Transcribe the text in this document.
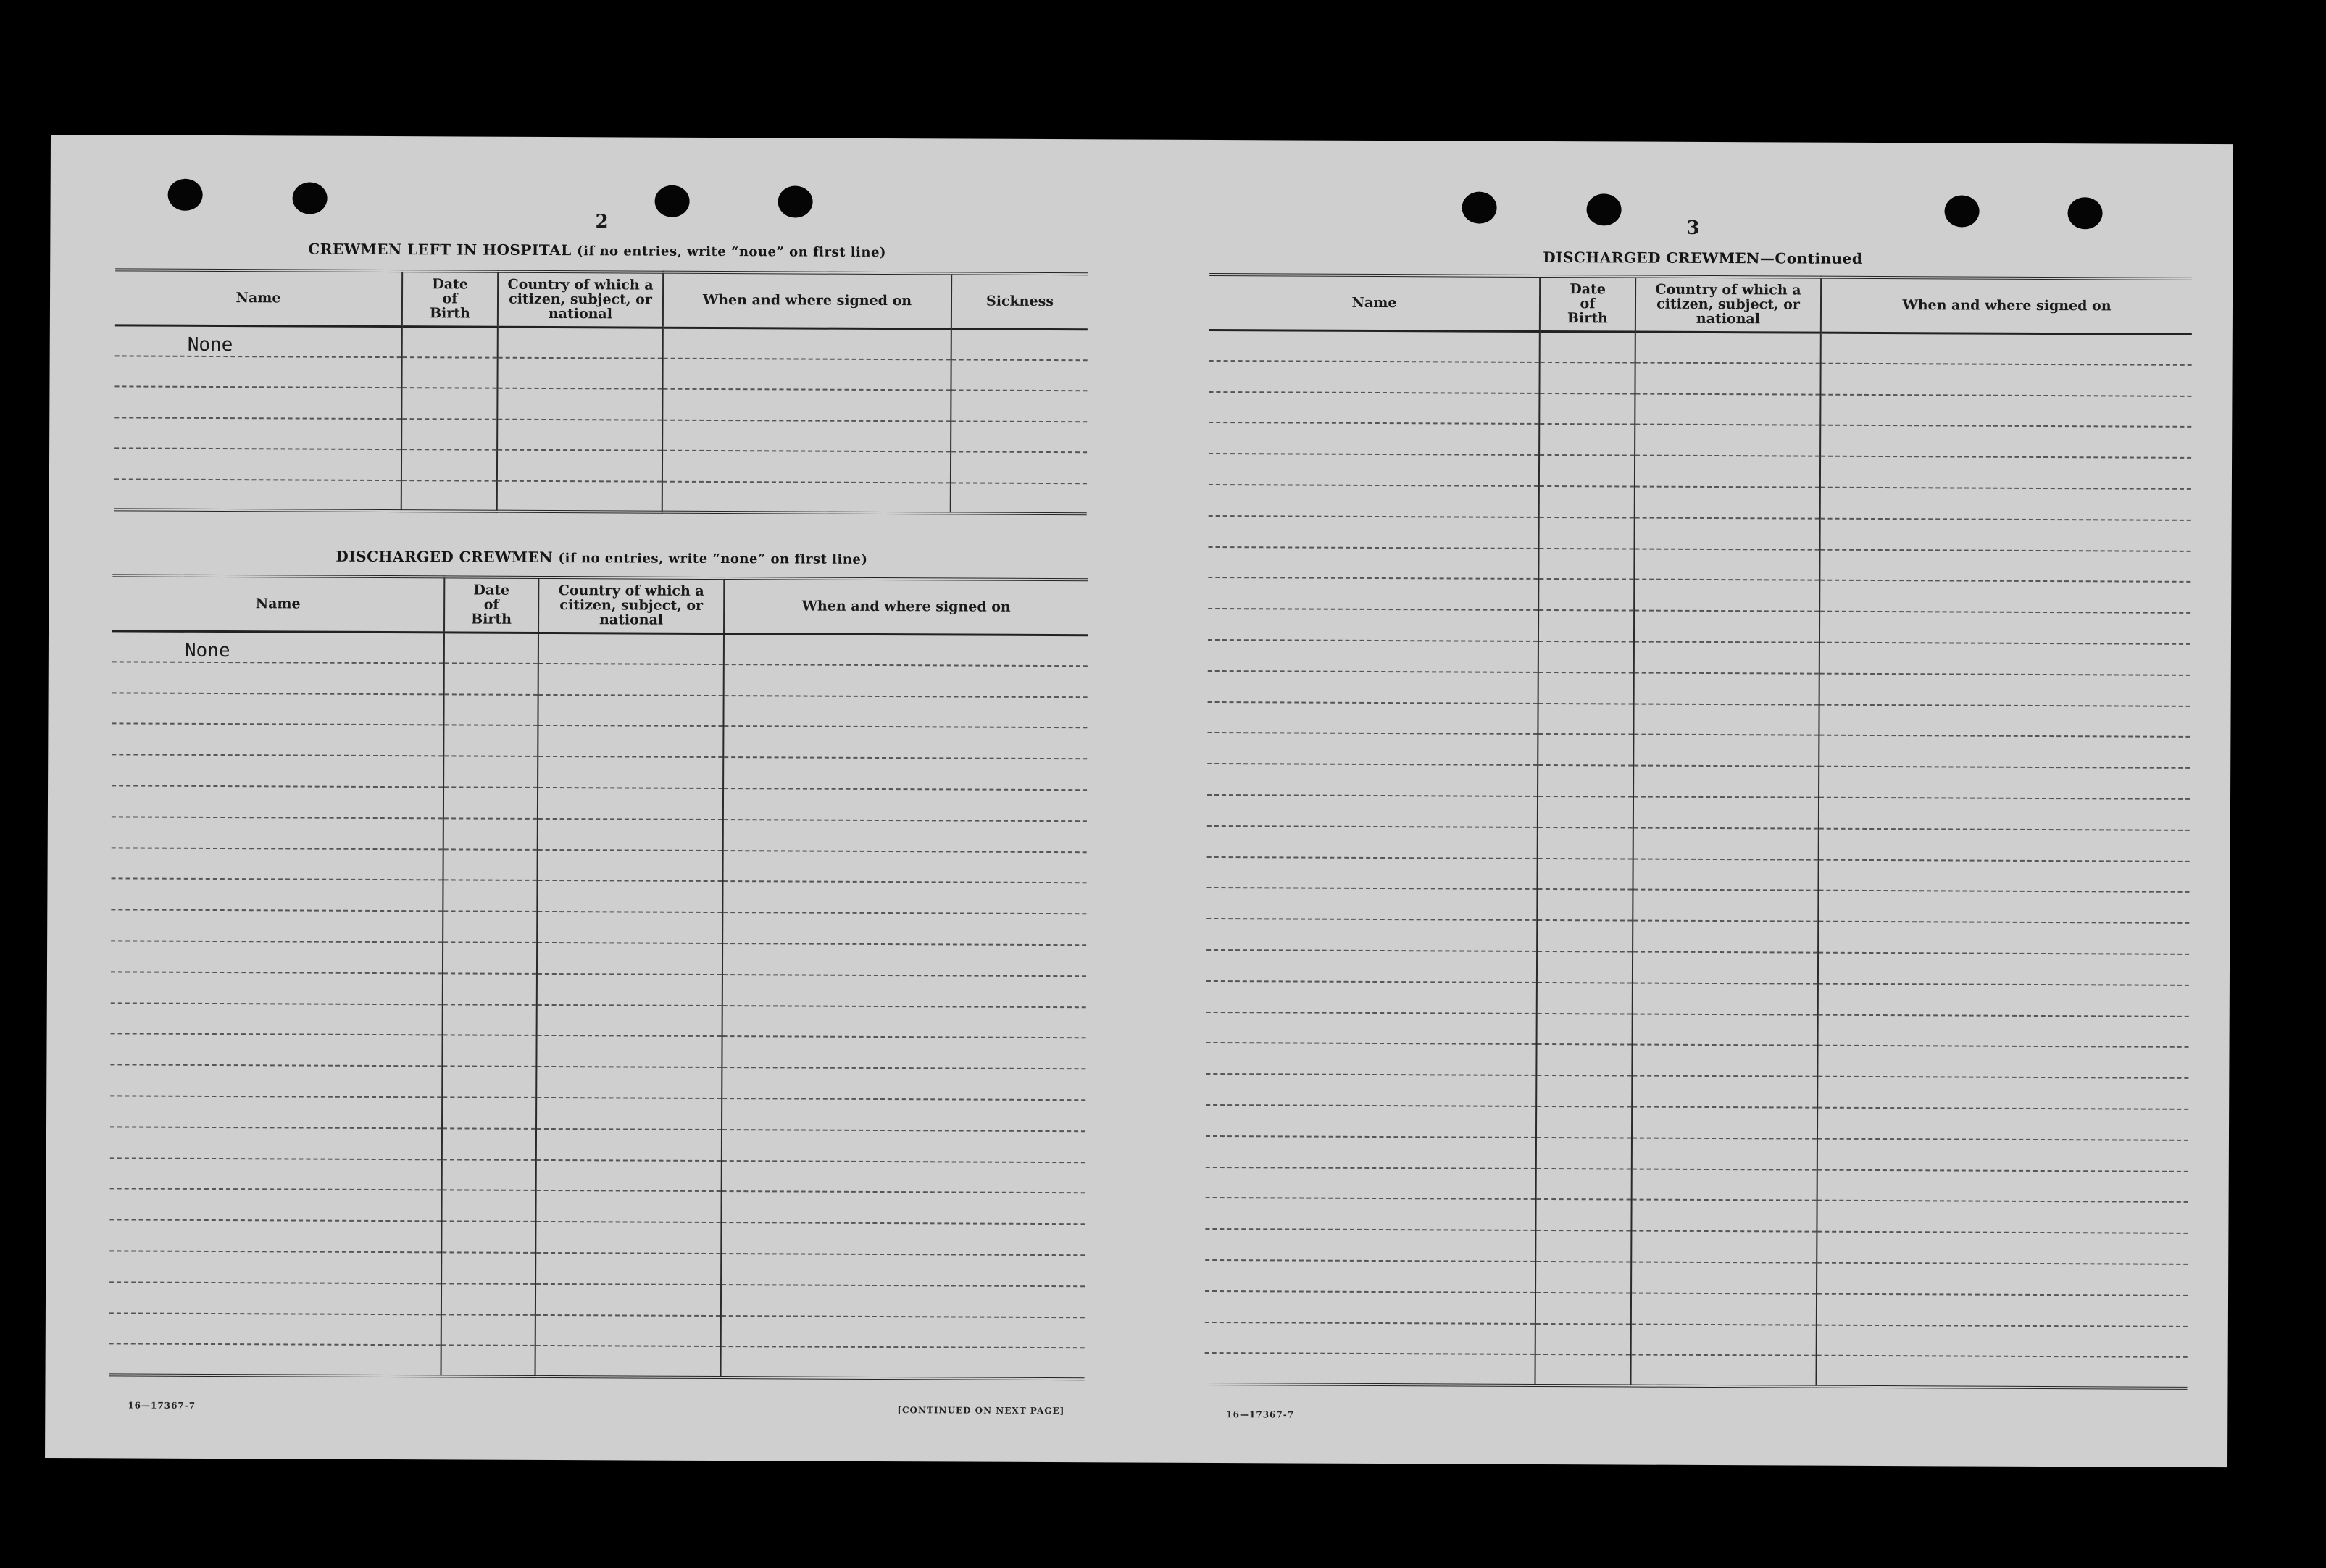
2
CREWMEN LEFT IN HOSPITAL (if no entries, write “noue” on first line)
Name	Date of Birth	Country of which a citizen, subject, or national	When and where signed on	Sickness
None				

DISCHARGED CREWMEN (if no entries, write “none” on first line)
Name	Date of Birth	Country of which a citizen, subject, or national	When and where signed on
None			

16—17367-7	[CONTINUED ON NEXT PAGE]
3
DISCHARGED CREWMEN—Continued
Name	Date of Birth	Country of which a citizen, subject, or national	When and where signed on

16—17367-7
